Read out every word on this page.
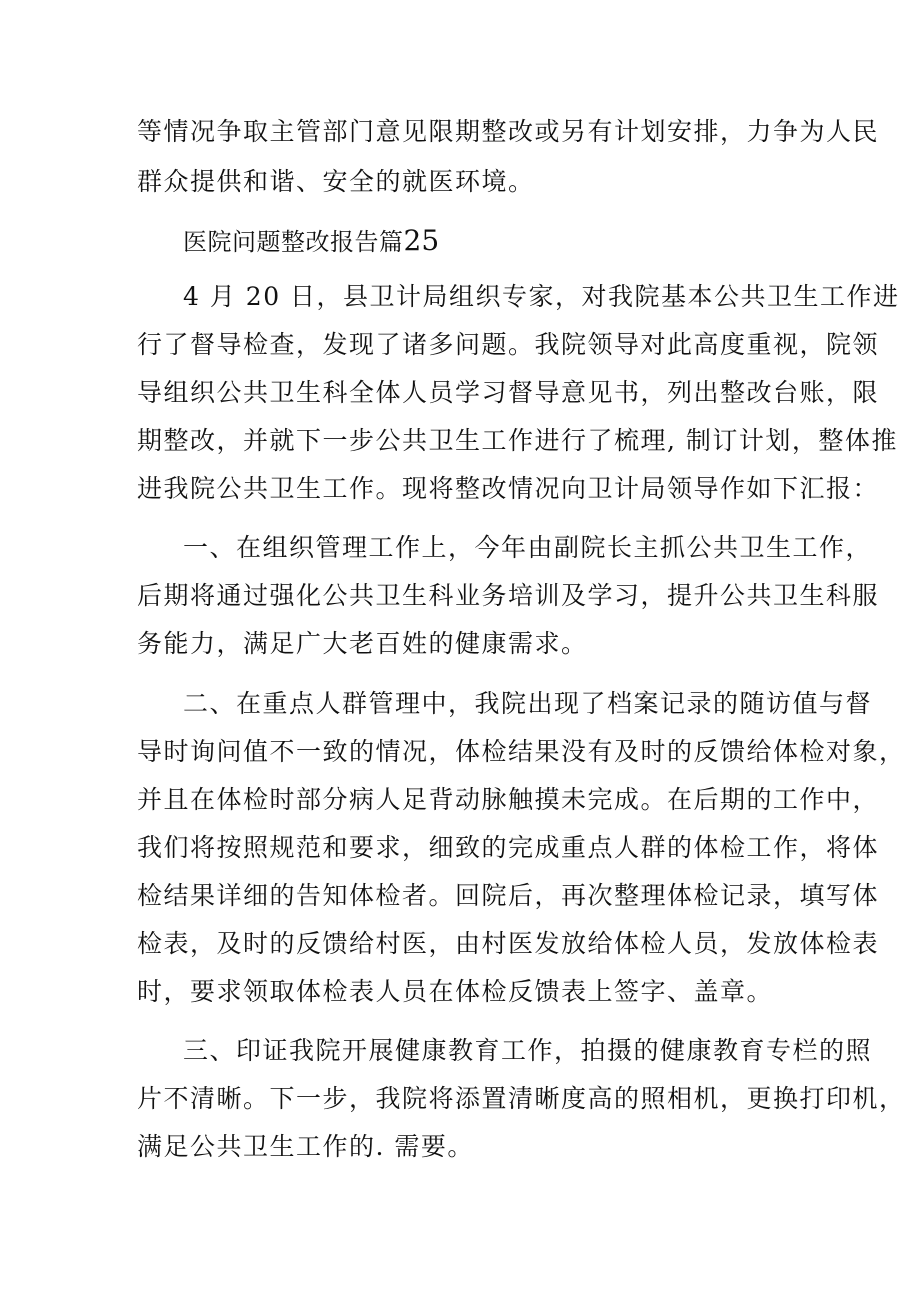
等情况争取主管部门意见限期整改或另有计划安排，力争为人民
群众提供和谐、安全的就医环境。
医院问题整改报告篇25
4 月 20 日，县卫计局组织专家，对我院基本公共卫生工作进
行了督导检查，发现了诸多问题。我院领导对此高度重视，院领
导组织公共卫生科全体人员学习督导意见书，列出整改台账，限
期整改，并就下一步公共卫生工作进行了梳理, 制订计划，整体推
进我院公共卫生工作。现将整改情况向卫计局领导作如下汇报：
一、在组织管理工作上，今年由副院长主抓公共卫生工作，
后期将通过强化公共卫生科业务培训及学习，提升公共卫生科服
务能力，满足广大老百姓的健康需求。
二、在重点人群管理中，我院出现了档案记录的随访值与督
导时询问值不一致的情况，体检结果没有及时的反馈给体检对象，
并且在体检时部分病人足背动脉触摸未完成。在后期的工作中，
我们将按照规范和要求，细致的完成重点人群的体检工作，将体
检结果详细的告知体检者。回院后，再次整理体检记录，填写体
检表，及时的反馈给村医，由村医发放给体检人员，发放体检表
时，要求领取体检表人员在体检反馈表上签字、盖章。
三、印证我院开展健康教育工作，拍摄的健康教育专栏的照
片不清晰。下一步，我院将添置清晰度高的照相机，更换打印机，
满足公共卫生工作的. 需要。
